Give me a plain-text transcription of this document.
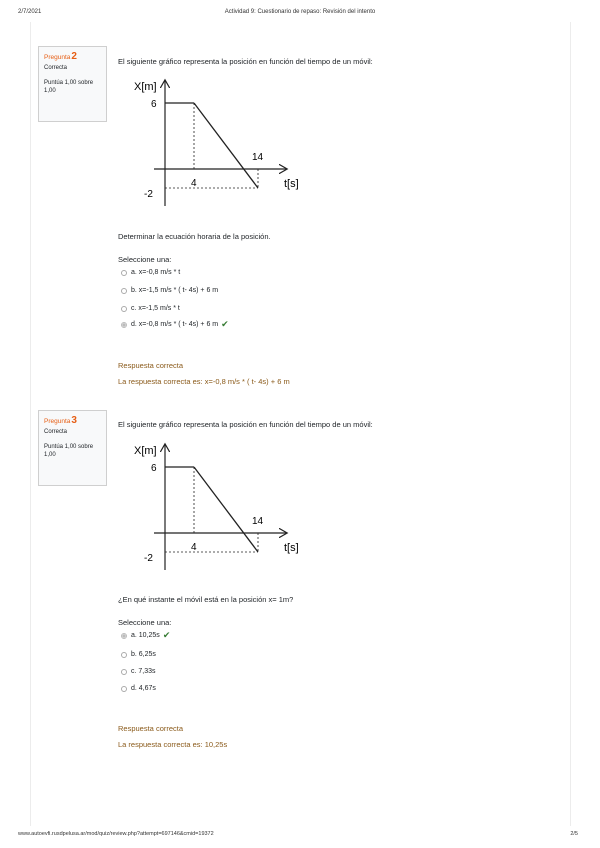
2/7/2021	Actividad 9: Cuestionario de repaso: Revisión del intento
Pregunta2
Correcta
Puntúa 1,00 sobre 1,00
El siguiente gráfico representa la posición en función del tiempo de un móvil:
X[m]
6
-2
4
14
t[s]
Determinar la ecuación horaria de la posición.
Seleccione una:
a. x=-0,8 m/s * t
b. x=-1,5 m/s * ( t- 4s) + 6 m
c. x=-1,5 m/s * t
d. x=-0,8 m/s * ( t- 4s) + 6 m ✔
Respuesta correcta
La respuesta correcta es: x=-0,8 m/s * ( t- 4s) + 6 m
Pregunta3
Correcta
Puntúa 1,00 sobre 1,00
El siguiente gráfico representa la posición en función del tiempo de un móvil:
X[m]
6
-2
4
14
t[s]
¿En qué instante el móvil está en la posición x= 1m?
Seleccione una:
a. 10,25s ✔
b. 6,25s
c. 7,33s
d. 4,67s
Respuesta correcta
La respuesta correcta es: 10,25s
www.autoevfi.rusdpelusa.ar/mod/quiz/review.php?attempt=697146&cmid=19372	2/5
